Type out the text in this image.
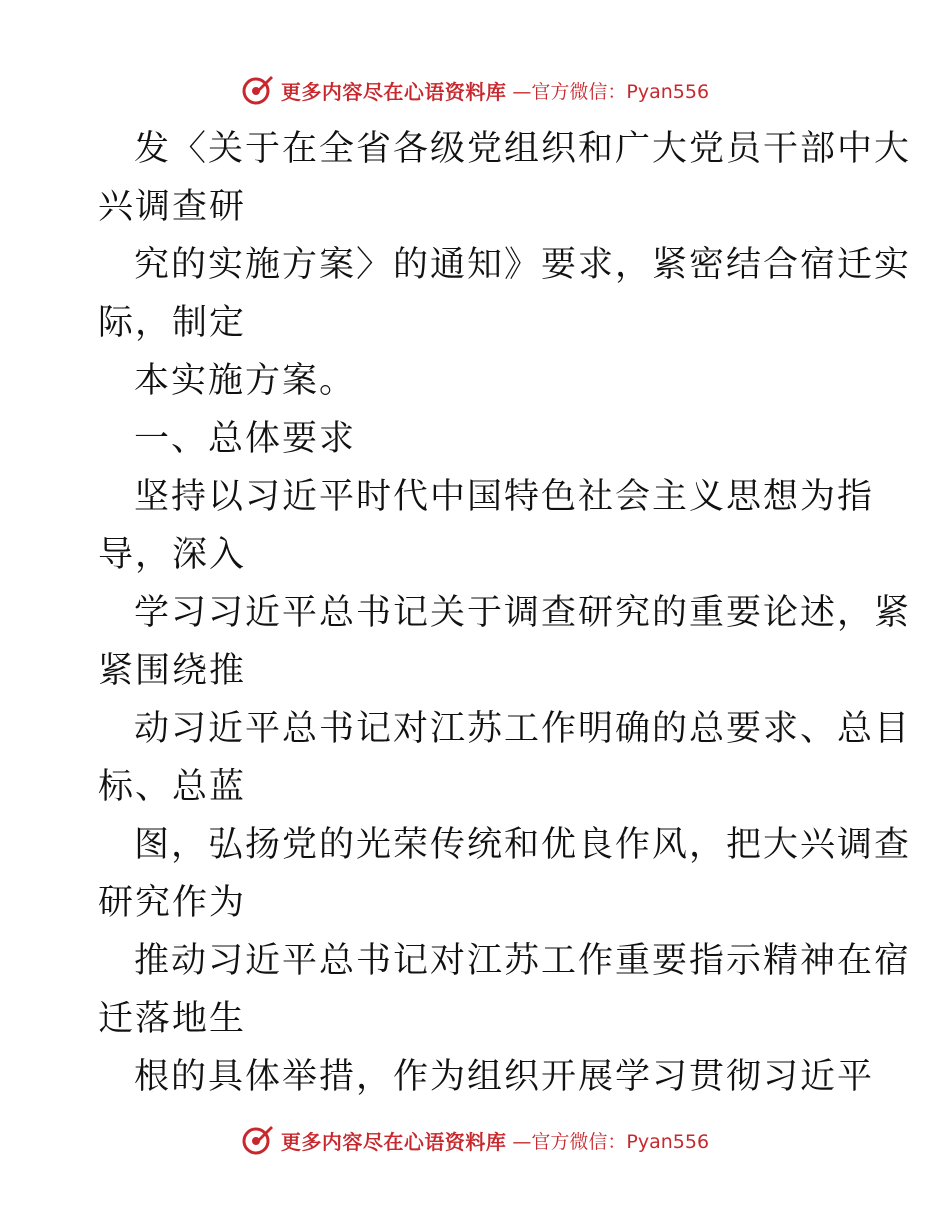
更多内容尽在心语资料库 —官方微信：Pyan556
发〈关于在全省各级党组织和广大党员干部中大
兴调查研
究的实施方案〉的通知》要求，紧密结合宿迁实
际，制定
本实施方案。
一、总体要求
坚持以习近平时代中国特色社会主义思想为指
导，深入
学习习近平总书记关于调查研究的重要论述，紧
紧围绕推
动习近平总书记对江苏工作明确的总要求、总目
标、总蓝
图，弘扬党的光荣传统和优良作风，把大兴调查
研究作为
推动习近平总书记对江苏工作重要指示精神在宿
迁落地生
根的具体举措，作为组织开展学习贯彻习近平
更多内容尽在心语资料库 —官方微信：Pyan556
